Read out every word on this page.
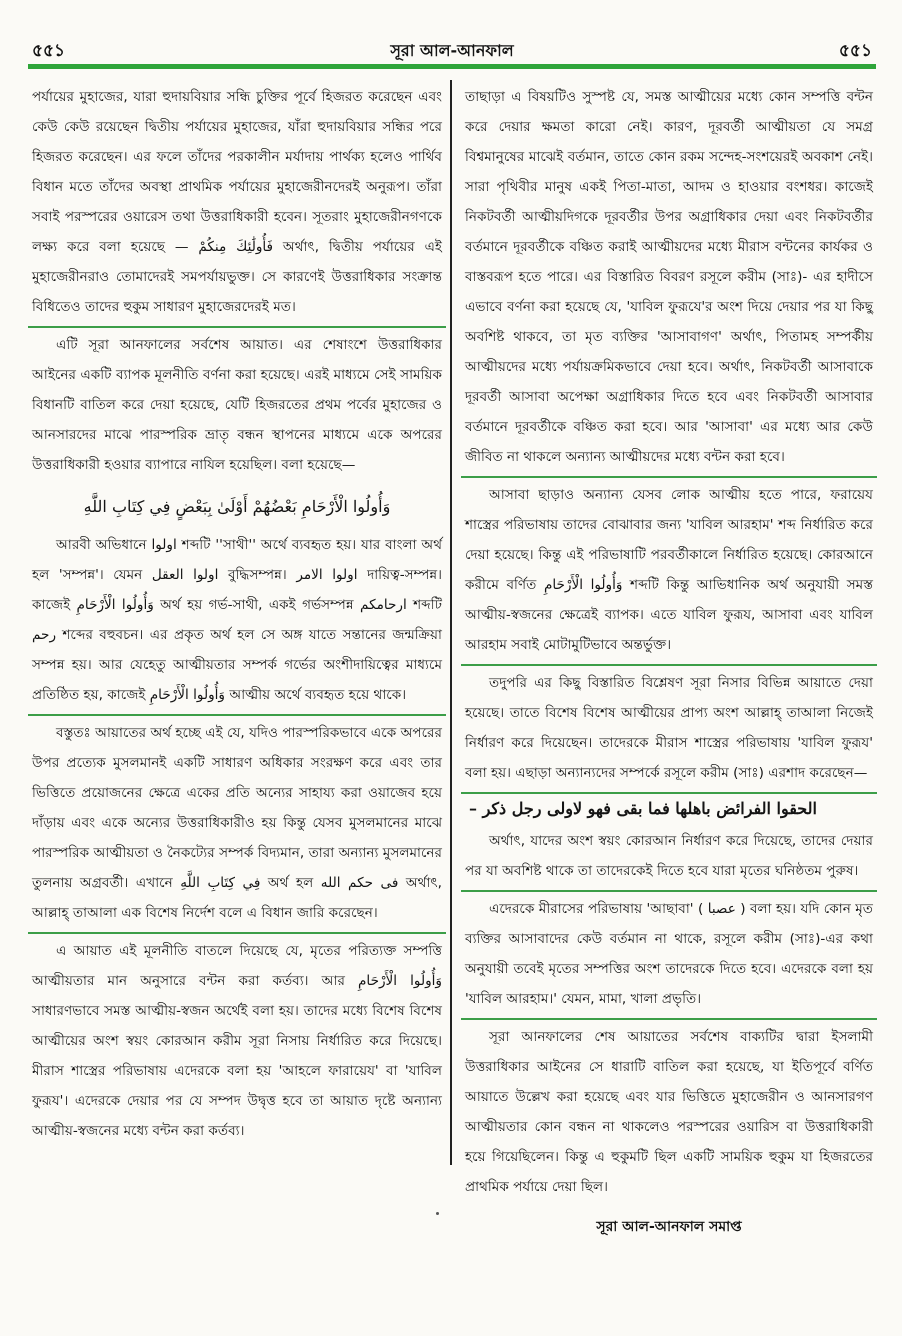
৫৫১	সূরা আল-আনফাল	৫৫১

পর্যায়ের মুহাজের, যারা হুদায়বিয়ার সন্ধি চুক্তির পূর্বে হিজরত করেছেন এবং কেউ কেউ রয়েছেন দ্বিতীয় পর্যায়ের মুহাজের, যাঁরা হুদায়বিয়ার সন্ধির পরে হিজরত করেছেন। এর ফলে তাঁদের পরকালীন মর্যাদায় পার্থক্য হলেও পার্থিব বিধান মতে তাঁদের অবস্থা প্রাথমিক পর্যায়ের মুহাজেরীনদেরই অনুরূপ। তাঁরা সবাই পরস্পরের ওয়ারেস তথা উত্তরাধিকারী হবেন। সূতরাং মুহাজেরীনগণকে লক্ষ্য করে বলা হয়েছে — فَأُولَٰئِكَ مِنكُمْ অর্থাৎ, দ্বিতীয় পর্যায়ের এই মুহাজেরীনরাও তোমাদেরই সমপর্যায়ভুক্ত। সে কারণেই উত্তরাধিকার সংক্রান্ত বিধিতেও তাদের হুকুম সাধারণ মুহাজেরদেরই মত।

এটি সূরা আনফালের সর্বশেষ আয়াত। এর শেষাংশে উত্তরাধিকার আইনের একটি ব্যাপক মূলনীতি বর্ণনা করা হয়েছে। এরই মাধ্যমে সেই সাময়িক বিধানটি বাতিল করে দেয়া হয়েছে, যেটি হিজরতের প্রথম পর্বের মুহাজের ও আনসারদের মাঝে পারস্পরিক ভ্রাতৃ বন্ধন স্থাপনের মাধ্যমে একে অপরের উত্তরাধিকারী হওয়ার ব্যাপারে নাযিল হয়েছিল। বলা হয়েছে—

وَأُولُوا الْأَرْحَامِ بَعْضُهُمْ أَوْلَىٰ بِبَعْضٍ فِي كِتَابِ اللَّهِ

আরবী অভিধানে اولوا শব্দটি ''সাথী'' অর্থে ব্যবহৃত হয়। যার বাংলা অর্থ হল 'সম্পন্ন'। যেমন اولوا العقل বুদ্ধিসম্পন্ন। اولوا الامر দায়িত্ব-সম্পন্ন। কাজেই وَأُولُوا الْأَرْحَامِ অর্থ হয় গর্ভ-সাথী, একই গর্ভসম্পন্ন ارحامكم শব্দটি رحم শব্দের বহুবচন। এর প্রকৃত অর্থ হল সে অঙ্গ যাতে সন্তানের জন্মক্রিয়া সম্পন্ন হয়। আর যেহেতু আত্মীয়তার সম্পর্ক গর্ভের অংশীদায়িত্বের মাধ্যমে প্রতিষ্ঠিত হয়, কাজেই وَأُولُوا الْأَرْحَامِ আত্মীয় অর্থে ব্যবহৃত হয়ে থাকে।

বস্তুতঃ আয়াতের অর্থ হচ্ছে এই যে, যদিও পারস্পরিকভাবে একে অপরের উপর প্রত্যেক মুসলমানই একটি সাধারণ অধিকার সংরক্ষণ করে এবং তার ভিত্তিতে প্রয়োজনের ক্ষেত্রে একের প্রতি অন্যের সাহায্য করা ওয়াজেব হয়ে দাঁড়ায় এবং একে অন্যের উত্তরাধিকারীও হয় কিন্তু যেসব মুসলমানের মাঝে পারস্পরিক আত্মীয়তা ও নৈকট্যের সম্পর্ক বিদ্যমান, তারা অন্যান্য মুসলমানের তুলনায় অগ্রবর্তী। এখানে فِي كِتَابِ اللَّهِ অর্থ হল فى حكم الله অর্থাৎ, আল্লাহ্ তাআলা এক বিশেষ নির্দেশ বলে এ বিধান জারি করেছেন।

এ আয়াত এই মূলনীতি বাতলে দিয়েছে যে, মৃতের পরিত্যক্ত সম্পত্তি আত্মীয়তার মান অনুসারে বন্টন করা কর্তব্য। আর وَأُولُوا الْأَرْحَامِ সাধারণভাবে সমস্ত আত্মীয়-স্বজন অর্থেই বলা হয়। তাদের মধ্যে বিশেষ বিশেষ আত্মীয়ের অংশ স্বয়ং কোরআন করীম সূরা নিসায় নির্ধারিত করে দিয়েছে। মীরাস শাস্ত্রের পরিভাষায় এদেরকে বলা হয় 'আহলে ফারায়েয' বা 'যাবিল ফুরূয'। এদেরকে দেয়ার পর যে সম্পদ উদ্বৃত্ত হবে তা আয়াত দৃষ্টে অন্যান্য আত্মীয়-স্বজনের মধ্যে বন্টন করা কর্তব্য।

তাছাড়া এ বিষয়টিও সুস্পষ্ট যে, সমস্ত আত্মীয়ের মধ্যে কোন সম্পত্তি বন্টন করে দেয়ার ক্ষমতা কারো নেই। কারণ, দূরবর্তী আত্মীয়তা যে সমগ্র বিশ্বমানুষের মাঝেই বর্তমান, তাতে কোন রকম সন্দেহ-সংশয়েরই অবকাশ নেই। সারা পৃথিবীর মানুষ একই পিতা-মাতা, আদম ও হাওয়ার বংশধর। কাজেই নিকটবর্তী আত্মীয়দিগকে দূরবর্তীর উপর অগ্রাধিকার দেয়া এবং নিকটবর্তীর বর্তমানে দূরবর্তীকে বঞ্চিত করাই আত্মীয়দের মধ্যে মীরাস বন্টনের কার্যকর ও বাস্তবরূপ হতে পারে। এর বিস্তারিত বিবরণ রসূলে করীম (সাঃ)- এর হাদীসে এভাবে বর্ণনা করা হয়েছে যে, 'যাবিল ফুরূযে'র অংশ দিয়ে দেয়ার পর যা কিছু অবশিষ্ট থাকবে, তা মৃত ব্যক্তির 'আসাবাগণ' অর্থাৎ, পিতামহ সম্পর্কীয় আত্মীয়দের মধ্যে পর্যায়ক্রমিকভাবে দেয়া হবে। অর্থাৎ, নিকটবর্তী আসাবাকে দূরবর্তী আসাবা অপেক্ষা অগ্রাধিকার দিতে হবে এবং নিকটবর্তী আসাবার বর্তমানে দূরবর্তীকে বঞ্চিত করা হবে। আর 'আসাবা' এর মধ্যে আর কেউ জীবিত না থাকলে অন্যান্য আত্মীয়দের মধ্যে বন্টন করা হবে।

আসাবা ছাড়াও অন্যান্য যেসব লোক আত্মীয় হতে পারে, ফরায়েয শাস্ত্রের পরিভাষায় তাদের বোঝাবার জন্য 'যাবিল আরহাম' শব্দ নির্ধারিত করে দেয়া হয়েছে। কিন্তু এই পরিভাষাটি পরবর্তীকালে নির্ধারিত হয়েছে। কোরআনে করীমে বর্ণিত وَأُولُوا الْأَرْحَامِ শব্দটি কিন্তু আভিধানিক অর্থ অনুযায়ী সমস্ত আত্মীয়-স্বজনের ক্ষেত্রেই ব্যাপক। এতে যাবিল ফুরূয, আসাবা এবং যাবিল আরহাম সবাই মোটামুটিভাবে অন্তর্ভুক্ত।

তদুপরি এর কিছু বিস্তারিত বিশ্লেষণ সূরা নিসার বিভিন্ন আয়াতে দেয়া হয়েছে। তাতে বিশেষ বিশেষ আত্মীয়ের প্রাপ্য অংশ আল্লাহ্ তাআলা নিজেই নির্ধারণ করে দিয়েছেন। তাদেরকে মীরাস শাস্ত্রের পরিভাষায় 'যাবিল ফুরূয' বলা হয়। এছাড়া অন্যান্যদের সম্পর্কে রসূলে করীম (সাঃ) এরশাদ করেছেন—

الحقوا الفرائض باهلها فما بقى فهو لاولى رجل ذكر –

অর্থাৎ, যাদের অংশ স্বয়ং কোরআন নির্ধারণ করে দিয়েছে, তাদের দেয়ার পর যা অবশিষ্ট থাকে তা তাদেরকেই দিতে হবে যারা মৃতের ঘনিষ্ঠতম পুরুষ।

এদেরকে মীরাসের পরিভাষায় 'আছাবা' ( عصبا ) বলা হয়। যদি কোন মৃত ব্যক্তির আসাবাদের কেউ বর্তমান না থাকে, রসূলে করীম (সাঃ)-এর কথা অনুযায়ী তবেই মৃতের সম্পত্তির অংশ তাদেরকে দিতে হবে। এদেরকে বলা হয় 'যাবিল আরহাম।' যেমন, মামা, খালা প্রভৃতি।

সূরা আনফালের শেষ আয়াতের সর্বশেষ বাক্যটির দ্বারা ইসলামী উত্তরাধিকার আইনের সে ধারাটি বাতিল করা হয়েছে, যা ইতিপূর্বে বর্ণিত আয়াতে উল্লেখ করা হয়েছে এবং যার ভিত্তিতে মুহাজেরীন ও আনসারগণ আত্মীয়তার কোন বন্ধন না থাকলেও পরস্পরের ওয়ারিস বা উত্তরাধিকারী হয়ে গিয়েছিলেন। কিন্তু এ হুকুমটি ছিল একটি সাময়িক হুকুম যা হিজরতের প্রাথমিক পর্যায়ে দেয়া ছিল।

সূরা আল-আনফাল সমাপ্ত
